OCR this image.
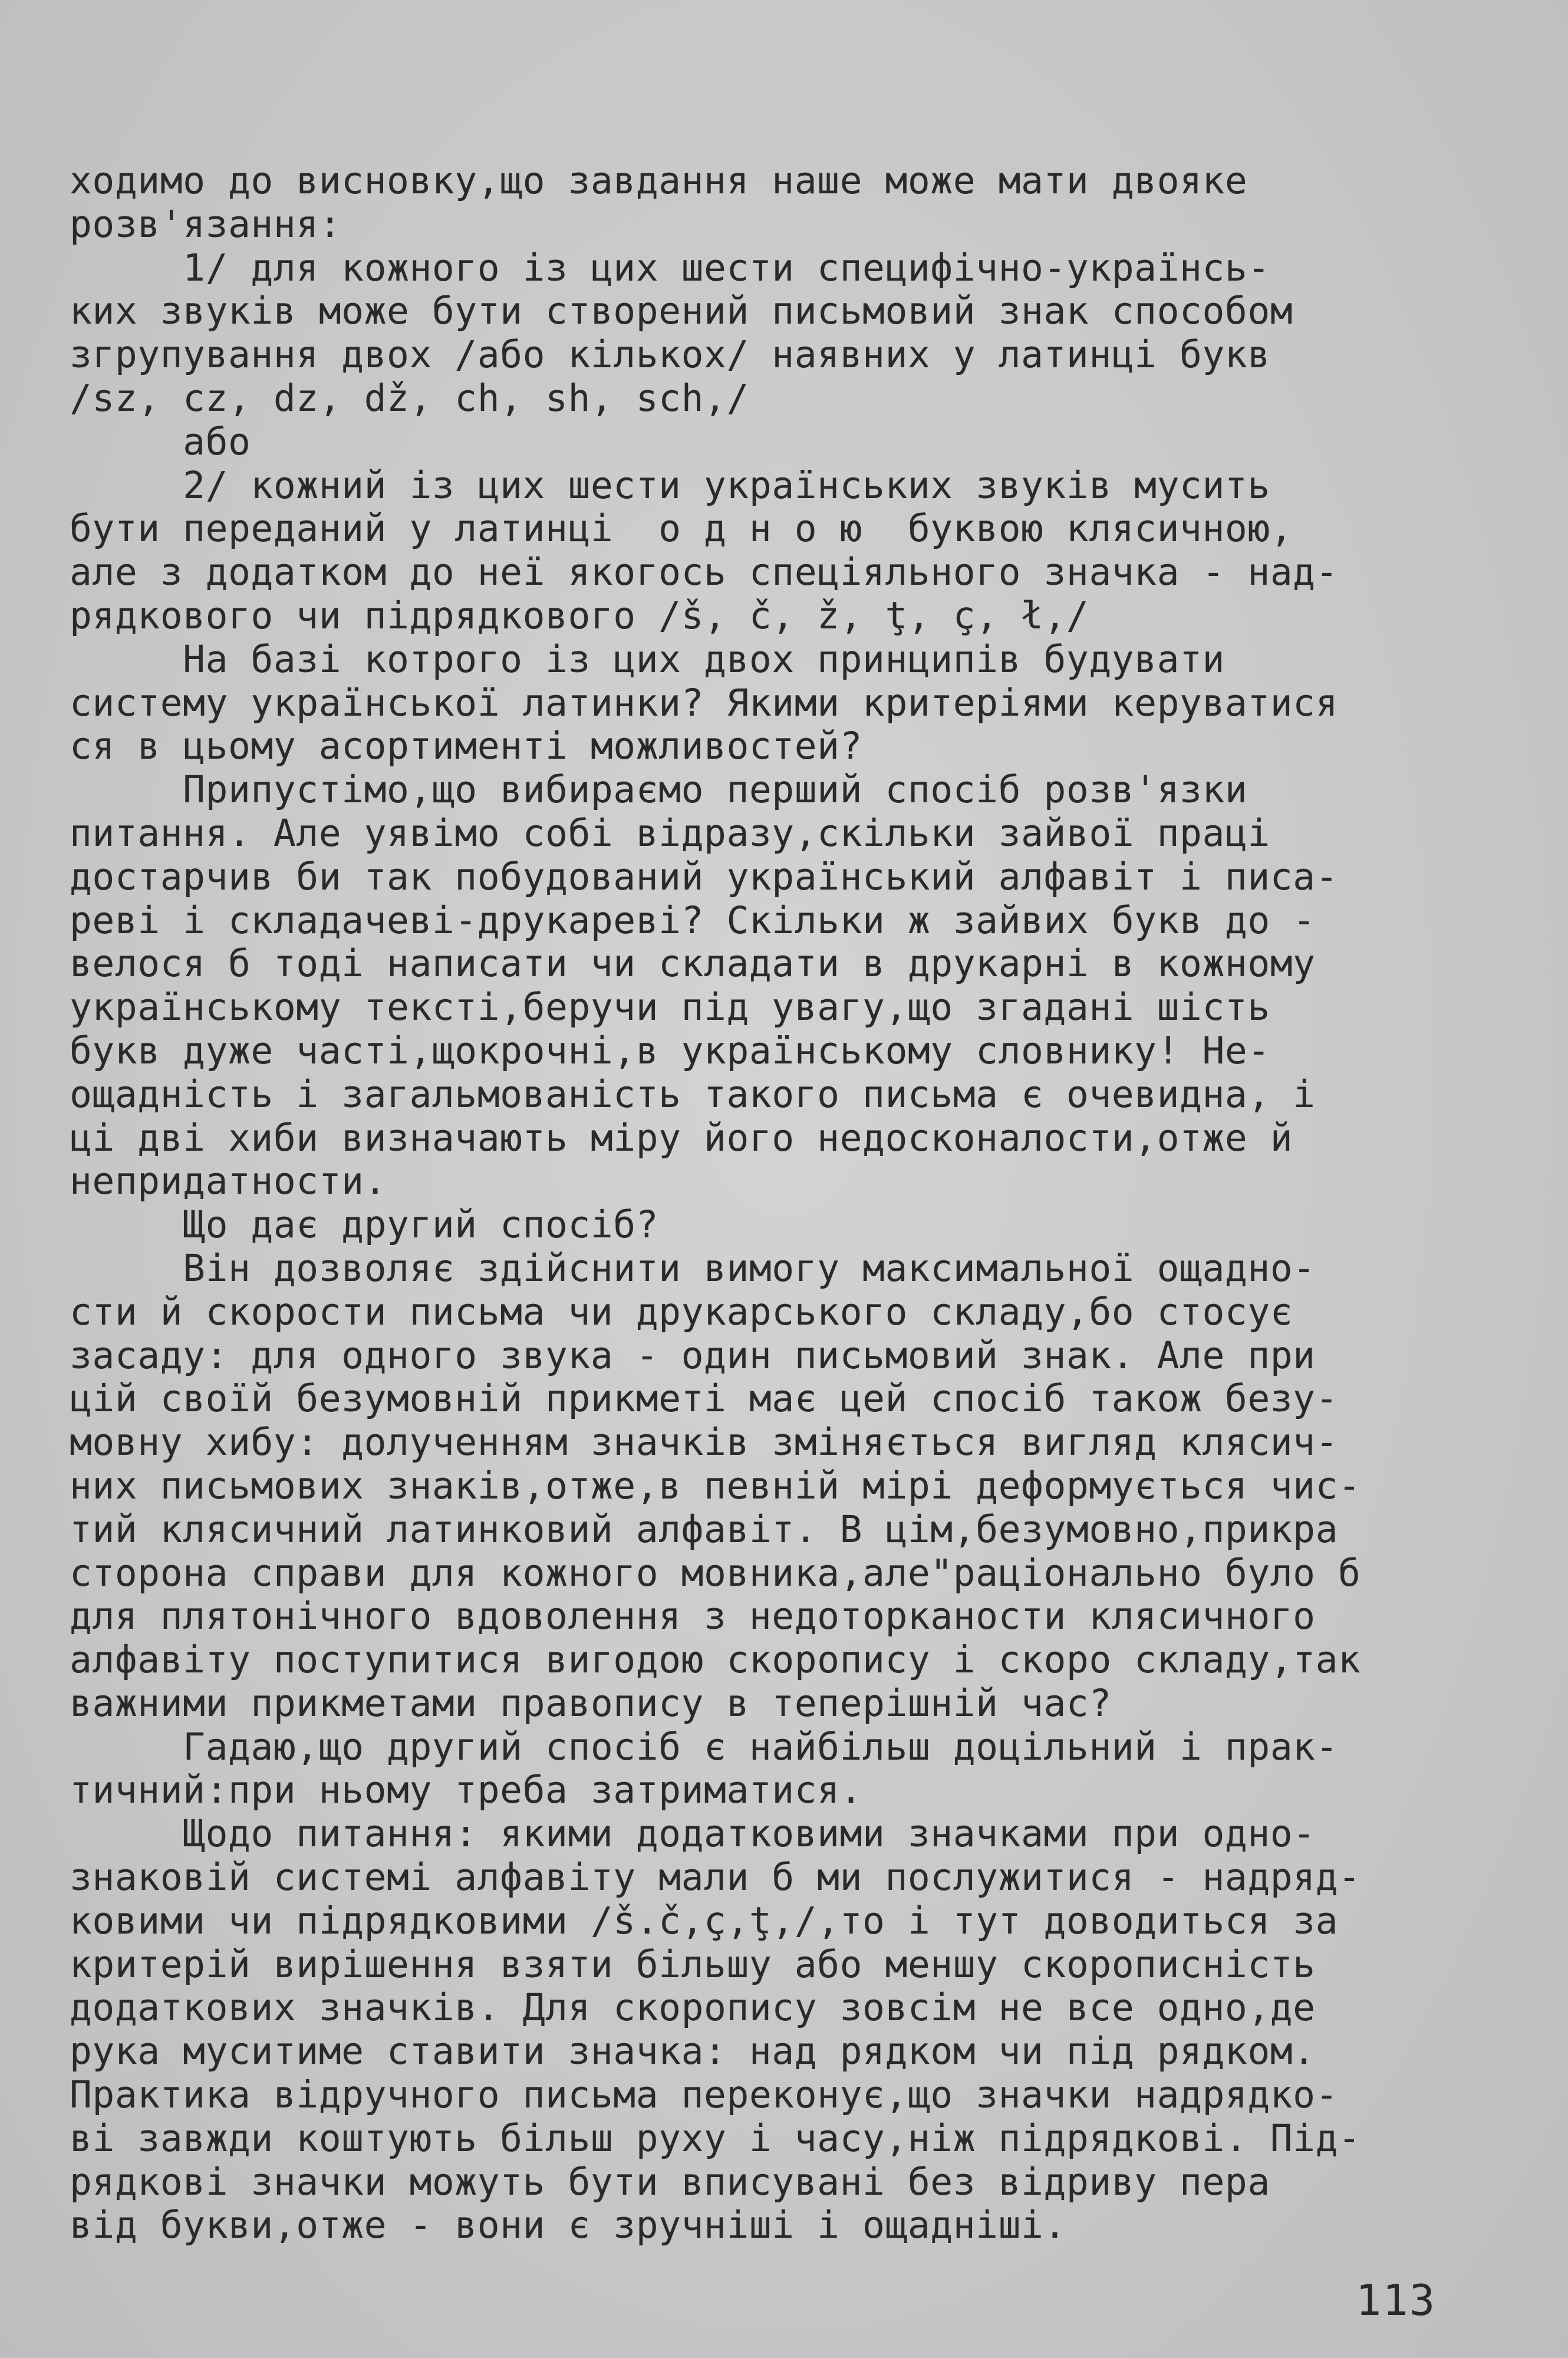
ходимо до висновку,що завдання наше може мати двояке
розв'язання:
1/ для кожного із цих шести специфічно-українсь-
ких звуків може бути створений письмовий знак способом
згрупування двох /або кількох/ наявних у латинці букв
/sz, cz, dz, dž, ch, sh, sch,/
або
2/ кожний із цих шести українських звуків мусить
бути переданий у латинці  о д н о ю  буквою клясичною,
але з додатком до неї якогось спеціяльного значка - над-
рядкового чи підрядкового /š, č, ž, ţ, ç, ł,/
На базі котрого із цих двох принципів будувати
систему української латинки? Якими критеріями керуватися
ся в цьому асортименті можливостей?
Припустімо,що вибираємо перший спосіб розв'язки
питання. Але уявімо собі відразу,скільки зайвої праці
достарчив би так побудований український алфавіт і писа-
реві і складачеві-друкареві? Скільки ж зайвих букв до -
велося б тоді написати чи складати в друкарні в кожному
українському тексті,беручи під увагу,що згадані шість
букв дуже часті,щокрочні,в українському словнику! Не-
ощадність і загальмованість такого письма є очевидна, і
ці дві хиби визначають міру його недосконалости,отже й
непридатности.
Що дає другий спосіб?
Він дозволяє здійснити вимогу максимальної ощадно-
сти й скорости письма чи друкарського складу,бо стосує
засаду: для одного звука - один письмовий знак. Але при
цій своїй безумовній прикметі має цей спосіб також безу-
мовну хибу: долученням значків зміняється вигляд клясич-
них письмових знаків,отже,в певній мірі деформується чис-
тий клясичний латинковий алфавіт. В цім,безумовно,прикра
сторона справи для кожного мовника,але"раціонально було б
для плятонічного вдоволення з недоторканости клясичного
алфавіту поступитися вигодою скоропису і скоро складу,так
важними прикметами правопису в теперішній час?
Гадаю,що другий спосіб є найбільш доцільний і прак-
тичний:при ньому треба затриматися.
Щодо питання: якими додатковими значками при одно-
знаковій системі алфавіту мали б ми послужитися - надряд-
ковими чи підрядковими /š.č,ç,ţ,/,то і тут доводиться за
критерій вирішення взяти більшу або меншу скорописність
додаткових значків. Для скоропису зовсім не все одно,де
рука муситиме ставити значка: над рядком чи під рядком.
Практика відручного письма переконує,що значки надрядко-
ві завжди коштують більш руху і часу,ніж підрядкові. Під-
рядкові значки можуть бути вписувані без відриву пера
від букви,отже - вони є зручніші і ощадніші.
113
